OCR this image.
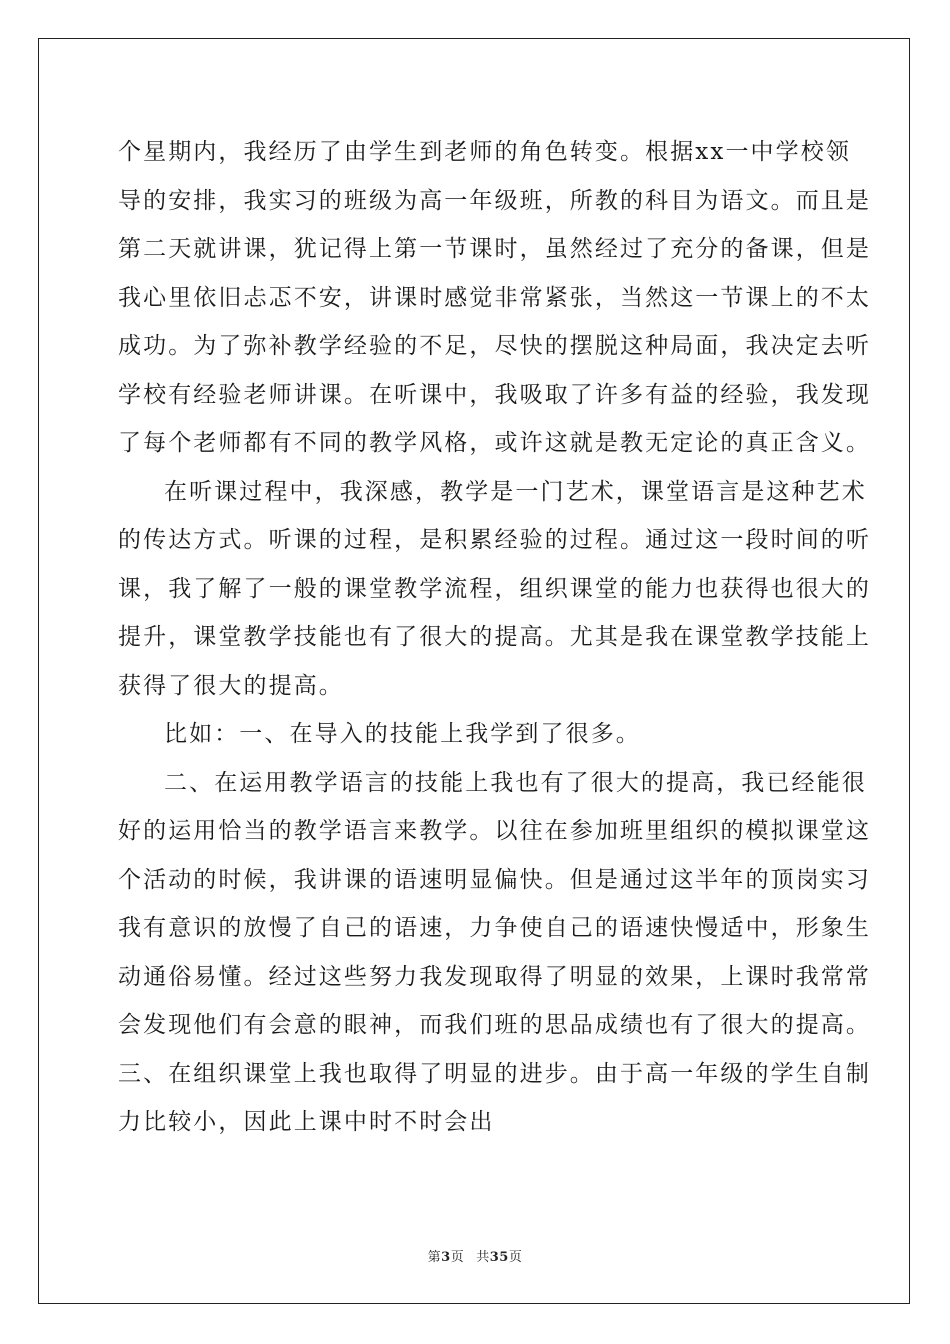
个星期内，我经历了由学生到老师的角色转变。根据xx一中学校领
导的安排，我实习的班级为高一年级班，所教的科目为语文。而且是
第二天就讲课，犹记得上第一节课时，虽然经过了充分的备课，但是
我心里依旧忐忑不安，讲课时感觉非常紧张，当然这一节课上的不太
成功。为了弥补教学经验的不足，尽快的摆脱这种局面，我决定去听
学校有经验老师讲课。在听课中，我吸取了许多有益的经验，我发现
了每个老师都有不同的教学风格，或许这就是教无定论的真正含义。
在听课过程中，我深感，教学是一门艺术，课堂语言是这种艺术
的传达方式。听课的过程，是积累经验的过程。通过这一段时间的听
课，我了解了一般的课堂教学流程，组织课堂的能力也获得也很大的
提升，课堂教学技能也有了很大的提高。尤其是我在课堂教学技能上
获得了很大的提高。
比如：一、在导入的技能上我学到了很多。
二、在运用教学语言的技能上我也有了很大的提高，我已经能很
好的运用恰当的教学语言来教学。以往在参加班里组织的模拟课堂这
个活动的时候，我讲课的语速明显偏快。但是通过这半年的顶岗实习
我有意识的放慢了自己的语速，力争使自己的语速快慢适中，形象生
动通俗易懂。经过这些努力我发现取得了明显的效果，上课时我常常
会发现他们有会意的眼神，而我们班的思品成绩也有了很大的提高。
三、在组织课堂上我也取得了明显的进步。由于高一年级的学生自制
力比较小，因此上课中时不时会出
第3页 共35页
